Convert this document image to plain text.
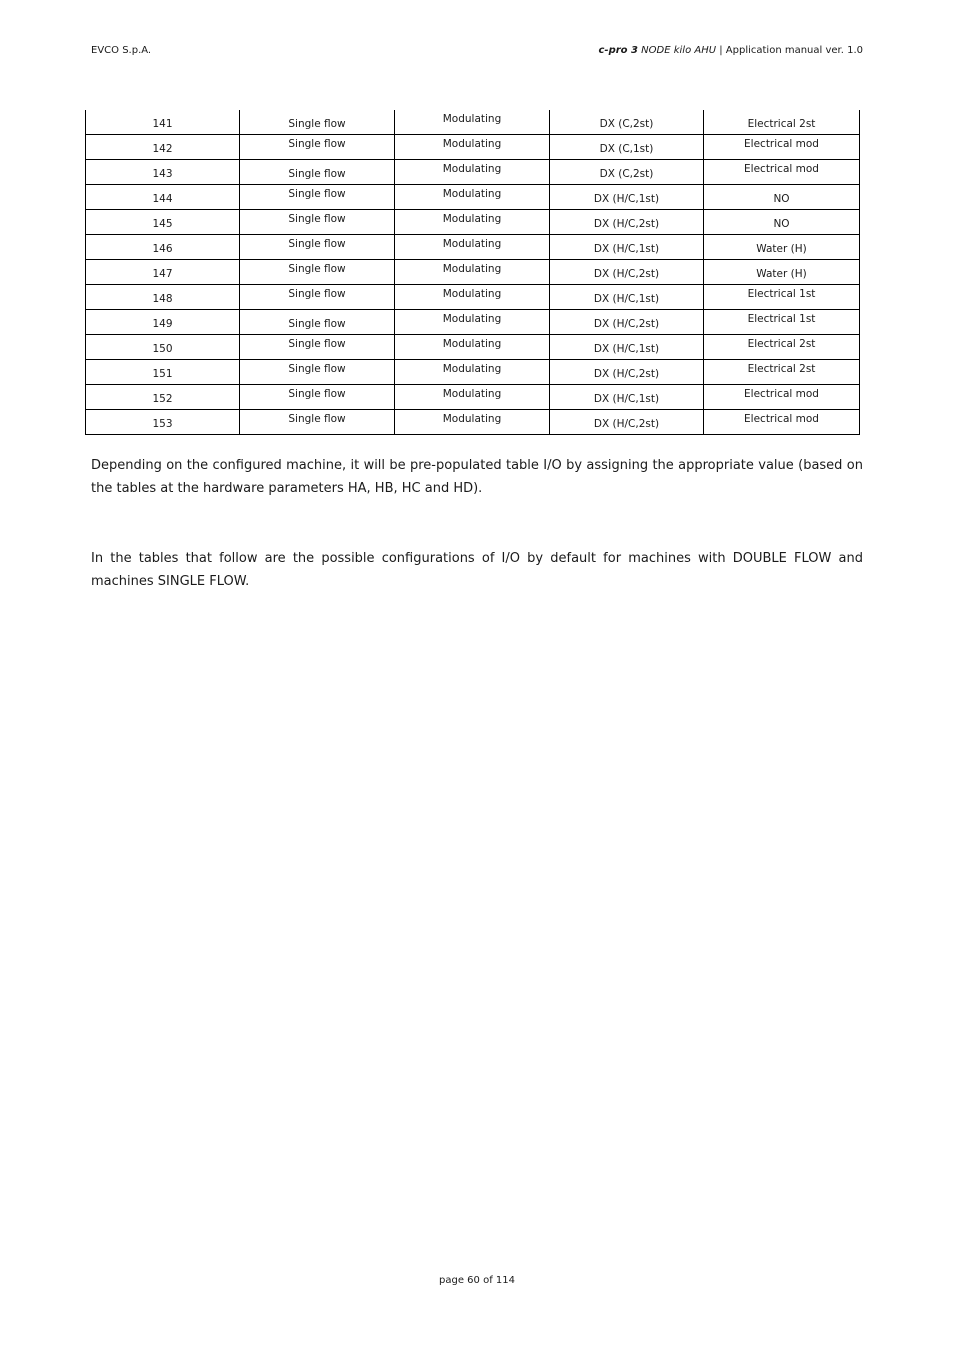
EVCO S.p.A.	c-pro 3 NODE kilo AHU | Application manual ver. 1.0
141	Single flow	Modulating	DX (C,2st)	Electrical 2st
142	Single flow	Modulating	DX (C,1st)	Electrical mod
143	Single flow	Modulating	DX (C,2st)	Electrical mod
144	Single flow	Modulating	DX (H/C,1st)	NO
145	Single flow	Modulating	DX (H/C,2st)	NO
146	Single flow	Modulating	DX (H/C,1st)	Water (H)
147	Single flow	Modulating	DX (H/C,2st)	Water (H)
148	Single flow	Modulating	DX (H/C,1st)	Electrical 1st
149	Single flow	Modulating	DX (H/C,2st)	Electrical 1st
150	Single flow	Modulating	DX (H/C,1st)	Electrical 2st
151	Single flow	Modulating	DX (H/C,2st)	Electrical 2st
152	Single flow	Modulating	DX (H/C,1st)	Electrical mod
153	Single flow	Modulating	DX (H/C,2st)	Electrical mod

Depending on the configured machine, it will be pre-populated table I/O by assigning the appropriate value (based on the tables at the hardware parameters HA, HB, HC and HD).

In the tables that follow are the possible configurations of I/O by default for machines with DOUBLE FLOW and machines SINGLE FLOW.

page 60 of 114
